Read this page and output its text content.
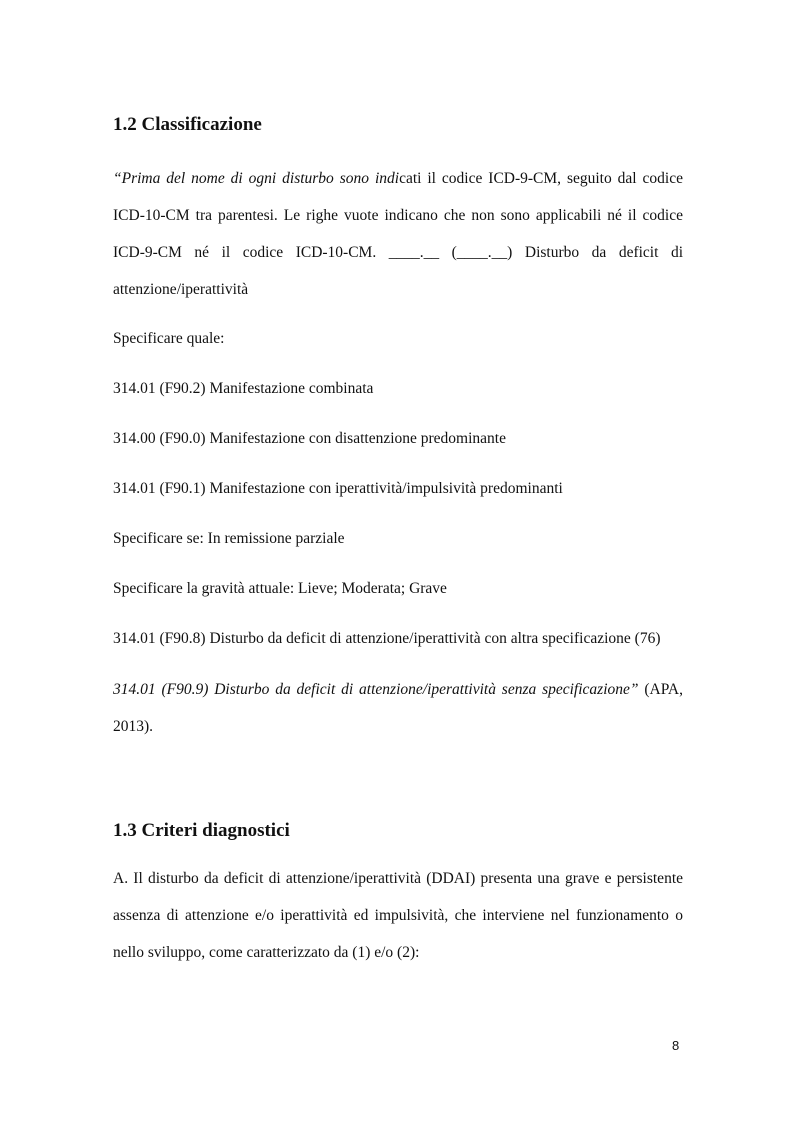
1.2 Classificazione
“Prima del nome di ogni disturbo sono indicati il codice ICD-9-CM, seguito dal codice
ICD-10-CM tra parentesi. Le righe vuote indicano che non sono applicabili né il codice
ICD-9-CM né il codice ICD-10-CM. ____.__ (____.__) Disturbo da deficit di
attenzione/iperattività
Specificare quale:
314.01 (F90.2) Manifestazione combinata
314.00 (F90.0) Manifestazione con disattenzione predominante
314.01 (F90.1) Manifestazione con iperattività/impulsività predominanti
Specificare se: In remissione parziale
Specificare la gravità attuale: Lieve; Moderata; Grave
314.01 (F90.8) Disturbo da deficit di attenzione/iperattività con altra specificazione (76)
314.01 (F90.9) Disturbo da deficit di attenzione/iperattività senza specificazione” (APA,
2013).
1.3 Criteri diagnostici
A. Il disturbo da deficit di attenzione/iperattività (DDAI) presenta una grave e persistente
assenza di attenzione e/o iperattività ed impulsività, che interviene nel funzionamento o
nello sviluppo, come caratterizzato da (1) e/o (2):
8
